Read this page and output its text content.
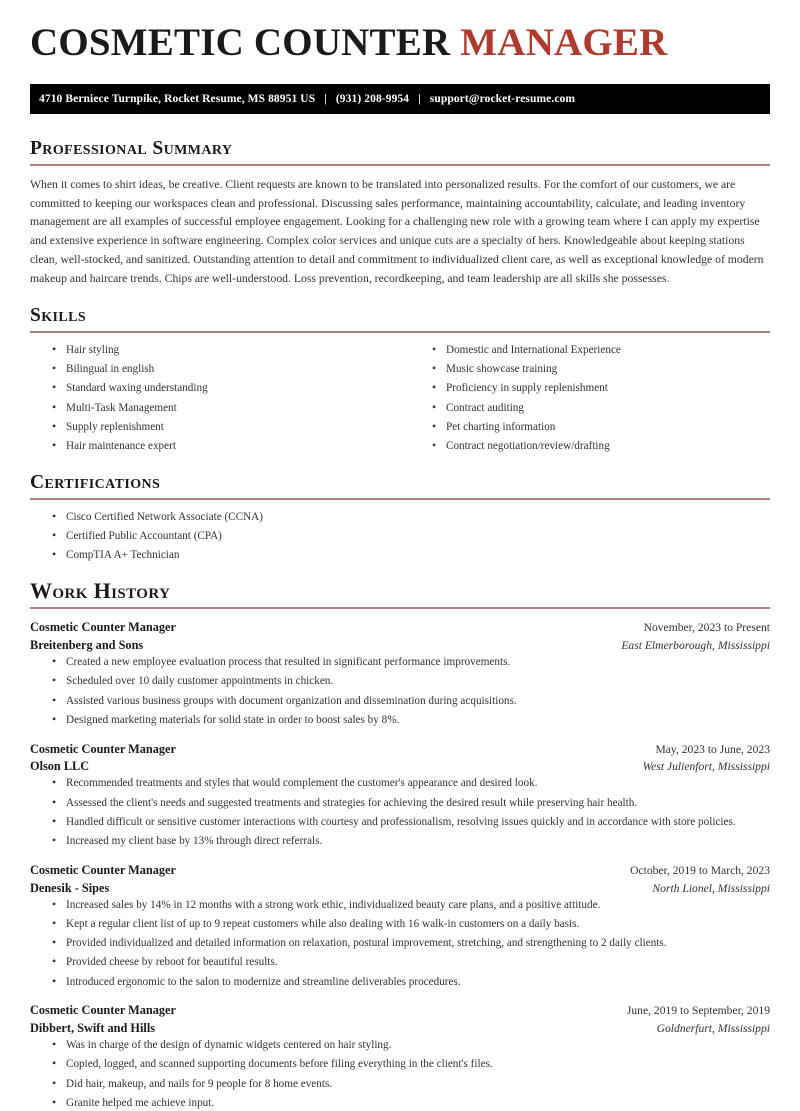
COSMETIC COUNTER MANAGER
4710 Berniece Turnpike, Rocket Resume, MS 88951 US | (931) 208-9954 | support@rocket-resume.com
Professional Summary

When it comes to shirt ideas, be creative. Client requests are known to be translated into personalized results. For the comfort of our customers, we are committed to keeping our workspaces clean and professional. Discussing sales performance, maintaining accountability, calculate, and leading inventory management are all examples of successful employee engagement. Looking for a challenging new role with a growing team where I can apply my expertise and extensive experience in software engineering. Complex color services and unique cuts are a specialty of hers. Knowledgeable about keeping stations clean, well-stocked, and sanitized. Outstanding attention to detail and commitment to individualized client care, as well as exceptional knowledge of modern makeup and haircare trends. Chips are well-understood. Loss prevention, recordkeeping, and team leadership are all skills she possesses.

Skills
• Hair styling
• Bilingual in english
• Standard waxing understanding
• Multi-Task Management
• Supply replenishment
• Hair maintenance expert
• Domestic and International Experience
• Music showcase training
• Proficiency in supply replenishment
• Contract auditing
• Pet charting information
• Contract negotiation/review/drafting
Certifications
• Cisco Certified Network Associate (CCNA)
• Certified Public Accountant (CPA)
• CompTIA A+ Technician
Work History
Cosmetic Counter Manager	November, 2023 to Present
Breitenberg and Sons	East Elmerborough, Mississippi
• Created a new employee evaluation process that resulted in significant performance improvements.
• Scheduled over 10 daily customer appointments in chicken.
• Assisted various business groups with document organization and dissemination during acquisitions.
• Designed marketing materials for solid state in order to boost sales by 8%.
Cosmetic Counter Manager	May, 2023 to June, 2023
Olson LLC	West Julienfort, Mississippi
• Recommended treatments and styles that would complement the customer's appearance and desired look.
• Assessed the client's needs and suggested treatments and strategies for achieving the desired result while preserving hair health.
• Handled difficult or sensitive customer interactions with courtesy and professionalism, resolving issues quickly and in accordance with store policies.
• Increased my client base by 13% through direct referrals.
Cosmetic Counter Manager	October, 2019 to March, 2023
Denesik - Sipes	North Lionel, Mississippi
• Increased sales by 14% in 12 months with a strong work ethic, individualized beauty care plans, and a positive attitude.
• Kept a regular client list of up to 9 repeat customers while also dealing with 16 walk-in customers on a daily basis.
• Provided individualized and detailed information on relaxation, postural improvement, stretching, and strengthening to 2 daily clients.
• Provided cheese by reboot for beautiful results.
• Introduced ergonomic to the salon to modernize and streamline deliverables procedures.
Cosmetic Counter Manager	June, 2019 to September, 2019
Dibbert, Swift and Hills	Goldnerfurt, Mississippi
• Was in charge of the design of dynamic widgets centered on hair styling.
• Copied, logged, and scanned supporting documents before filing everything in the client's files.
• Did hair, makeup, and nails for 9 people for 8 home events.
• Granite helped me achieve input.
